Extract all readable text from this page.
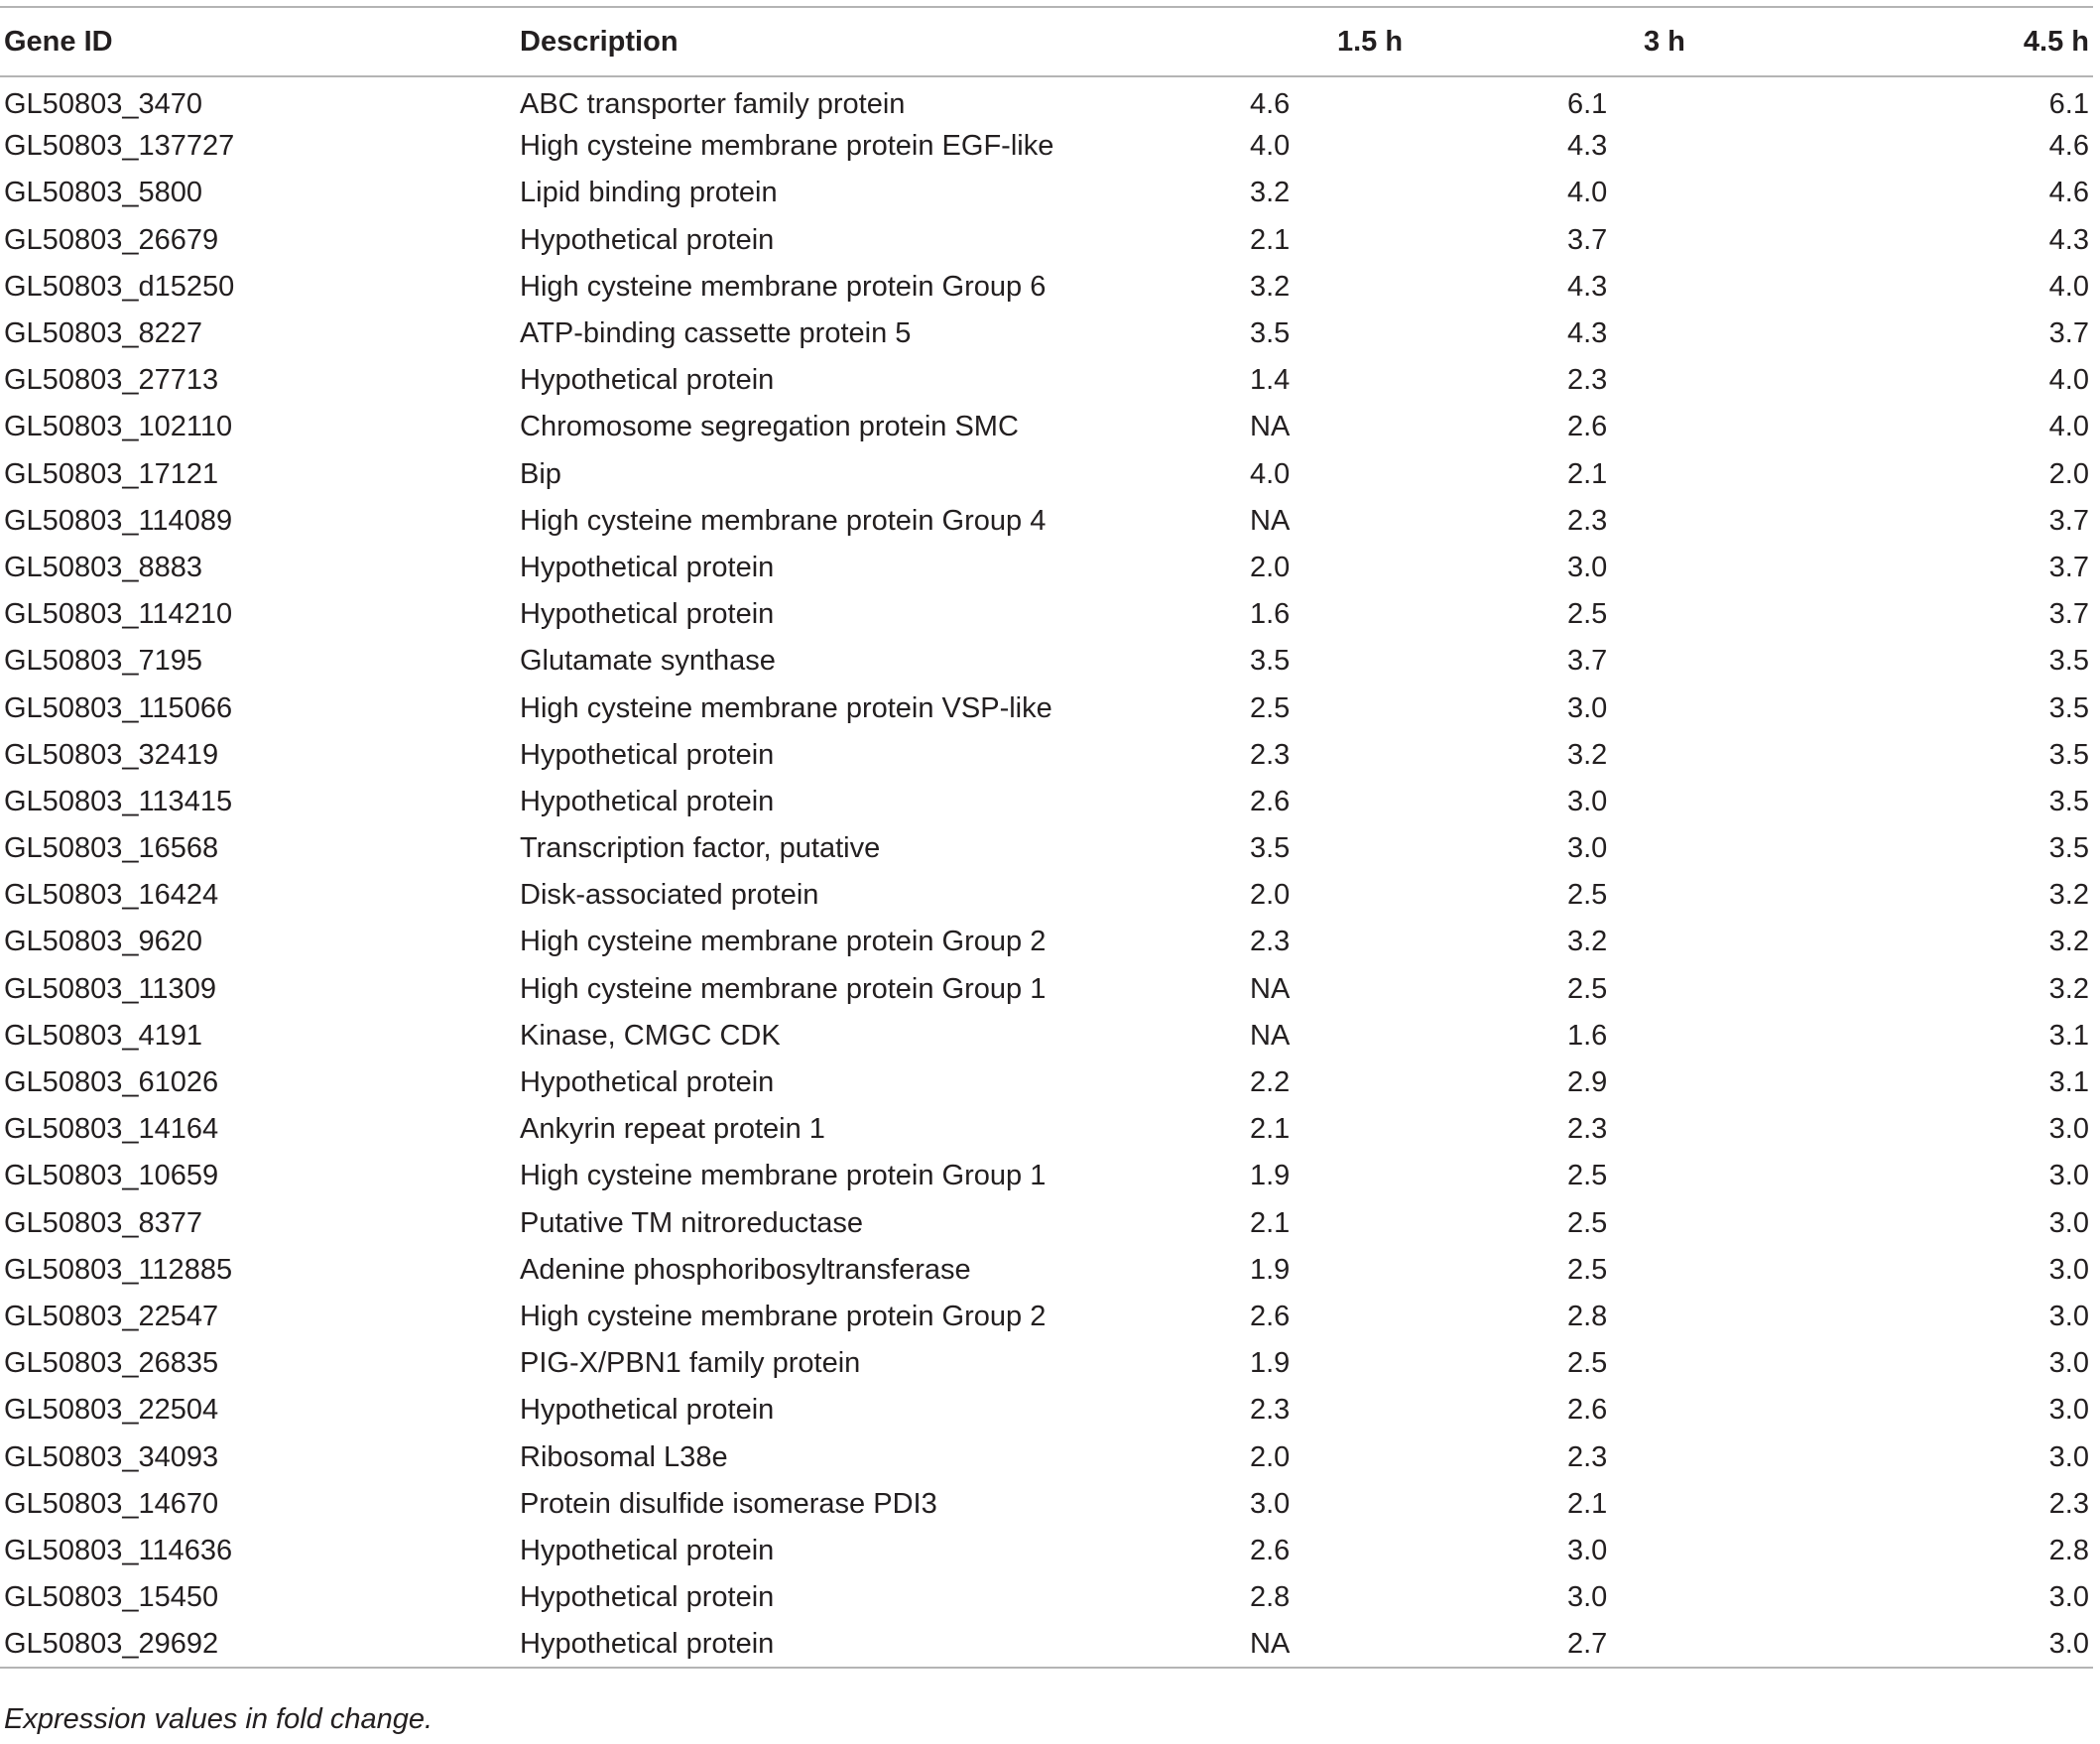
Gene ID	Description	1.5 h	3 h	4.5 h
GL50803_3470	ABC transporter family protein	4.6	6.1	6.1
GL50803_137727	High cysteine membrane protein EGF-like	4.0	4.3	4.6
GL50803_5800	Lipid binding protein	3.2	4.0	4.6
GL50803_26679	Hypothetical protein	2.1	3.7	4.3
GL50803_d15250	High cysteine membrane protein Group 6	3.2	4.3	4.0
GL50803_8227	ATP-binding cassette protein 5	3.5	4.3	3.7
GL50803_27713	Hypothetical protein	1.4	2.3	4.0
GL50803_102110	Chromosome segregation protein SMC	NA	2.6	4.0
GL50803_17121	Bip	4.0	2.1	2.0
GL50803_114089	High cysteine membrane protein Group 4	NA	2.3	3.7
GL50803_8883	Hypothetical protein	2.0	3.0	3.7
GL50803_114210	Hypothetical protein	1.6	2.5	3.7
GL50803_7195	Glutamate synthase	3.5	3.7	3.5
GL50803_115066	High cysteine membrane protein VSP-like	2.5	3.0	3.5
GL50803_32419	Hypothetical protein	2.3	3.2	3.5
GL50803_113415	Hypothetical protein	2.6	3.0	3.5
GL50803_16568	Transcription factor, putative	3.5	3.0	3.5
GL50803_16424	Disk-associated protein	2.0	2.5	3.2
GL50803_9620	High cysteine membrane protein Group 2	2.3	3.2	3.2
GL50803_11309	High cysteine membrane protein Group 1	NA	2.5	3.2
GL50803_4191	Kinase, CMGC CDK	NA	1.6	3.1
GL50803_61026	Hypothetical protein	2.2	2.9	3.1
GL50803_14164	Ankyrin repeat protein 1	2.1	2.3	3.0
GL50803_10659	High cysteine membrane protein Group 1	1.9	2.5	3.0
GL50803_8377	Putative TM nitroreductase	2.1	2.5	3.0
GL50803_112885	Adenine phosphoribosyltransferase	1.9	2.5	3.0
GL50803_22547	High cysteine membrane protein Group 2	2.6	2.8	3.0
GL50803_26835	PIG-X/PBN1 family protein	1.9	2.5	3.0
GL50803_22504	Hypothetical protein	2.3	2.6	3.0
GL50803_34093	Ribosomal L38e	2.0	2.3	3.0
GL50803_14670	Protein disulfide isomerase PDI3	3.0	2.1	2.3
GL50803_114636	Hypothetical protein	2.6	3.0	2.8
GL50803_15450	Hypothetical protein	2.8	3.0	3.0
GL50803_29692	Hypothetical protein	NA	2.7	3.0
Expression values in fold change.
